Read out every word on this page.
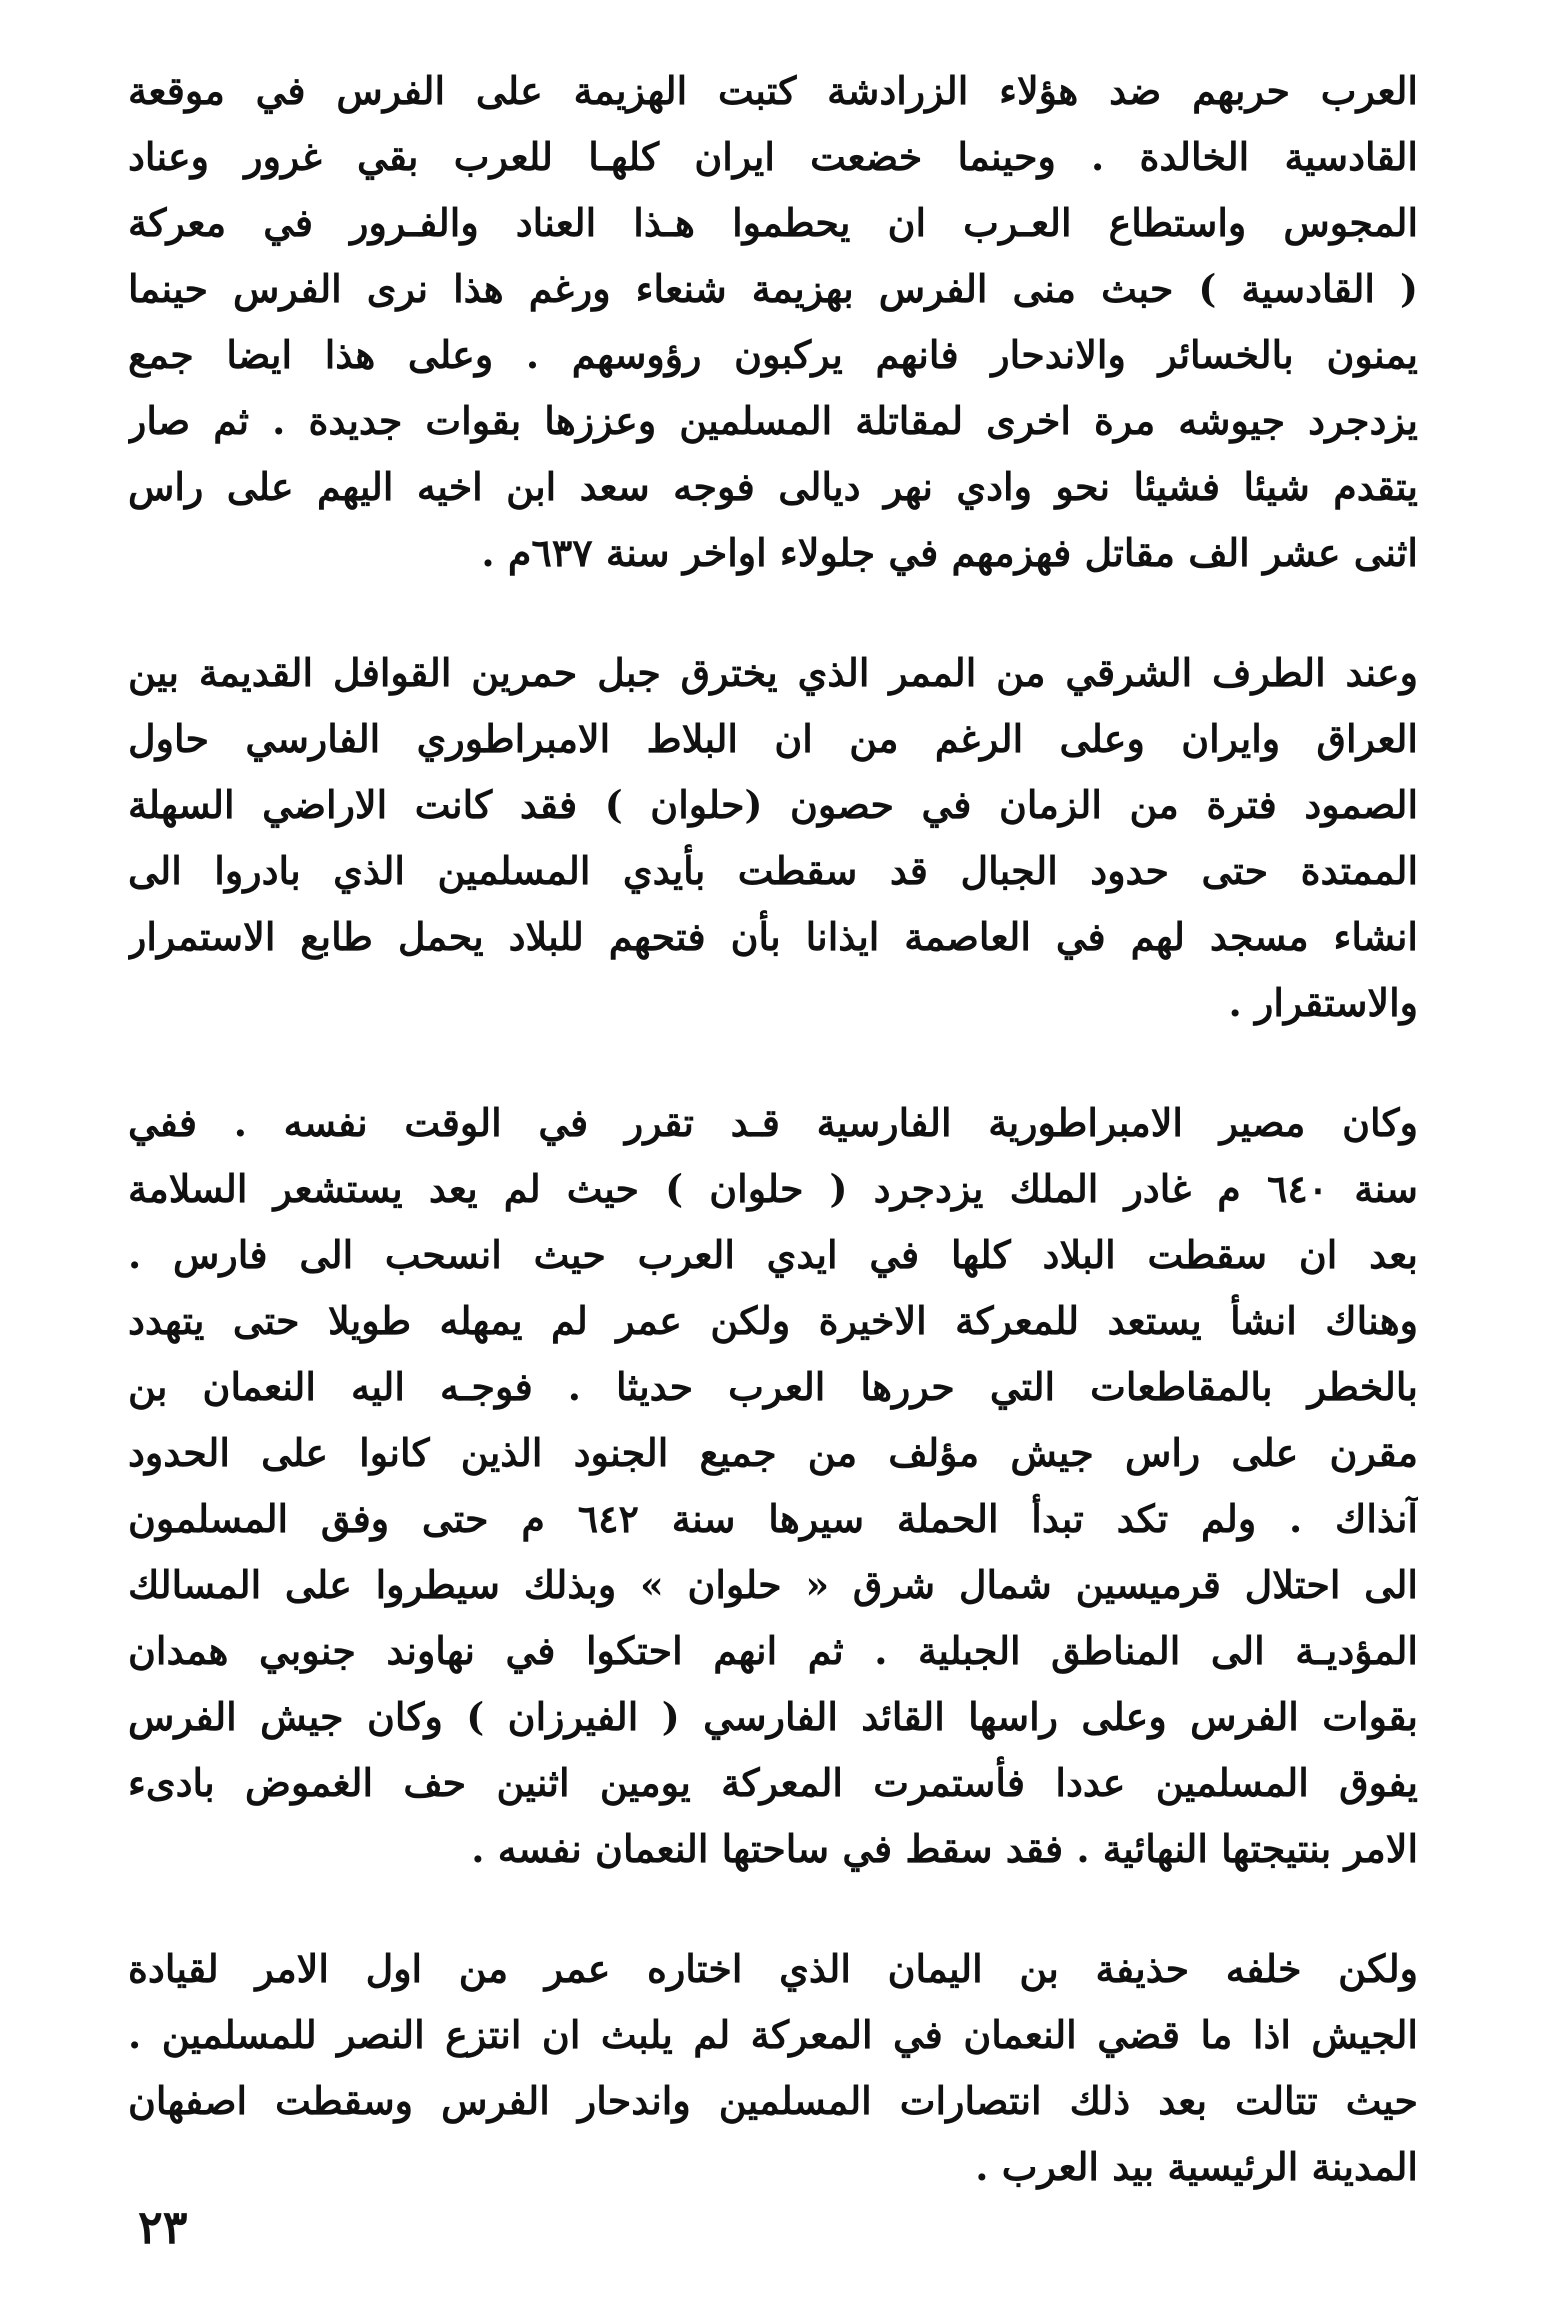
العرب حربهم ضد هؤلاء الزرادشة كتبت الهزيمة على الفرس في موقعة
القادسية الخالدة . وحينما خضعت ايران كلهـا للعرب بقي غرور وعناد
المجوس واستطاع العـرب ان يحطموا هـذا العناد والفـرور في معركة
( القادسية ) حبث منى الفرس بهزيمة شنعاء ورغم هذا نرى الفرس حينما
يمنون بالخسائر والاندحار فانهم يركبون رؤوسهم . وعلى هذا ايضا جمع
يزدجرد جيوشه مرة اخرى لمقاتلة المسلمين وعززها بقوات جديدة . ثم صار
يتقدم شيئا فشيئا نحو وادي نهر ديالى فوجه سعد ابن اخيه اليهم على راس
اثنى عشر الف مقاتل فهزمهم في جلولاء اواخر سنة ٦٣٧م .
وعند الطرف الشرقي من الممر الذي يخترق جبل حمرين القوافل القديمة بين
العراق وايران وعلى الرغم من ان البلاط الامبراطوري الفارسي حاول
الصمود فترة من الزمان في حصون (حلوان ) فقد كانت الاراضي السهلة
الممتدة حتى حدود الجبال قد سقطت بأيدي المسلمين الذي بادروا الى
انشاء مسجد لهم في العاصمة ايذانا بأن فتحهم للبلاد يحمل طابع الاستمرار
والاستقرار .
وكان مصير الامبراطورية الفارسية قـد تقرر في الوقت نفسه . ففي
سنة ٦٤٠ م غادر الملك يزدجرد ( حلوان ) حيث لم يعد يستشعر السلامة
بعد ان سقطت البلاد كلها في ايدي العرب حيث انسحب الى فارس .
وهناك انشأ يستعد للمعركة الاخيرة ولكن عمر لم يمهله طويلا حتى يتهدد
بالخطر بالمقاطعات التي حررها العرب حديثا . فوجـه اليه النعمان بن
مقرن على راس جيش مؤلف من جميع الجنود الذين كانوا على الحدود
آنذاك . ولم تكد تبدأ الحملة سيرها سنة ٦٤٢ م حتى وفق المسلمون
الى احتلال قرميسين شمال شرق « حلوان » وبذلك سيطروا على المسالك
المؤديـة الى المناطق الجبلية . ثم انهم احتكوا في نهاوند جنوبي همدان
بقوات الفرس وعلى راسها القائد الفارسي ( الفيرزان ) وكان جيش الفرس
يفوق المسلمين عددا فأستمرت المعركة يومين اثنين حف الغموض بادىء
الامر بنتيجتها النهائية . فقد سقط في ساحتها النعمان نفسه .
ولكن خلفه حذيفة بن اليمان الذي اختاره عمر من اول الامر لقيادة
الجيش اذا ما قضي النعمان في المعركة لم يلبث ان انتزع النصر للمسلمين .
حيث تتالت بعد ذلك انتصارات المسلمين واندحار الفرس وسقطت اصفهان
المدينة الرئيسية بيد العرب .
٢٣
